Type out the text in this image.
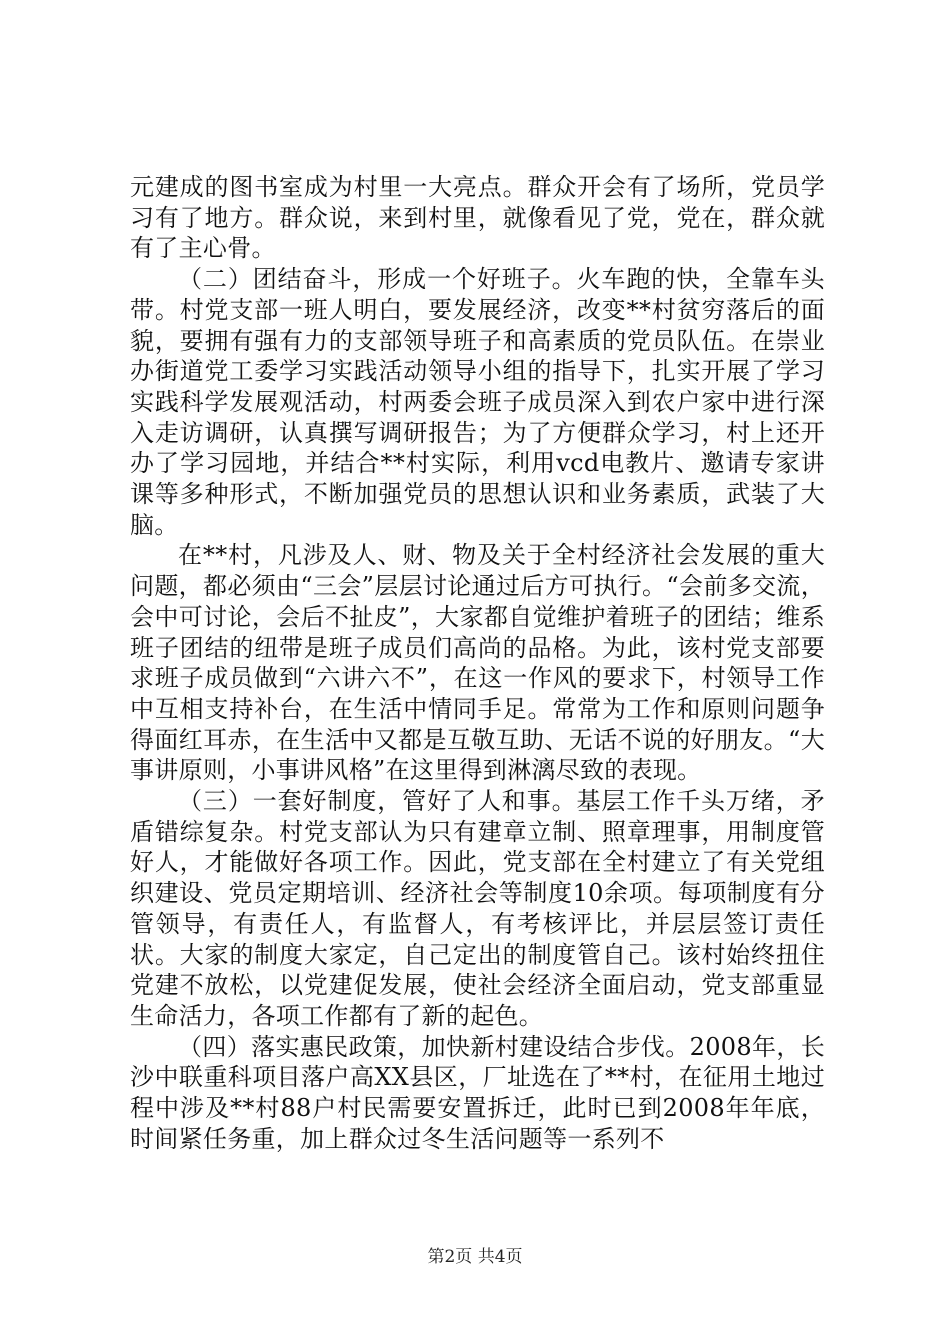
元建成的图书室成为村里一大亮点。群众开会有了场所，党员学习有了地方。群众说，来到村里，就像看见了党，党在，群众就有了主心骨。

（二）团结奋斗，形成一个好班子。火车跑的快，全靠车头带。村党支部一班人明白，要发展经济，改变**村贫穷落后的面貌，要拥有强有力的支部领导班子和高素质的党员队伍。在崇业办街道党工委学习实践活动领导小组的指导下，扎实开展了学习实践科学发展观活动，村两委会班子成员深入到农户家中进行深入走访调研，认真撰写调研报告；为了方便群众学习，村上还开办了学习园地，并结合**村实际，利用vcd电教片、邀请专家讲课等多种形式，不断加强党员的思想认识和业务素质，武装了大脑。

在**村，凡涉及人、财、物及关于全村经济社会发展的重大问题，都必须由“三会”层层讨论通过后方可执行。“会前多交流，会中可讨论，会后不扯皮”，大家都自觉维护着班子的团结；维系班子团结的纽带是班子成员们高尚的品格。为此，该村党支部要求班子成员做到“六讲六不”，在这一作风的要求下，村领导工作中互相支持补台，在生活中情同手足。常常为工作和原则问题争得面红耳赤，在生活中又都是互敬互助、无话不说的好朋友。“大事讲原则，小事讲风格”在这里得到淋漓尽致的表现。

（三）一套好制度，管好了人和事。基层工作千头万绪，矛盾错综复杂。村党支部认为只有建章立制、照章理事，用制度管好人，才能做好各项工作。因此，党支部在全村建立了有关党组织建设、党员定期培训、经济社会等制度10余项。每项制度有分管领导，有责任人，有监督人，有考核评比，并层层签订责任状。大家的制度大家定，自己定出的制度管自己。该村始终扭住党建不放松，以党建促发展，使社会经济全面启动，党支部重显生命活力，各项工作都有了新的起色。

（四）落实惠民政策，加快新村建设结合步伐。2008年，长沙中联重科项目落户高XX县区，厂址选在了**村，在征用土地过程中涉及**村88户村民需要安置拆迁，此时已到2008年年底，时间紧任务重，加上群众过冬生活问题等一系列不

第2页 共4页
